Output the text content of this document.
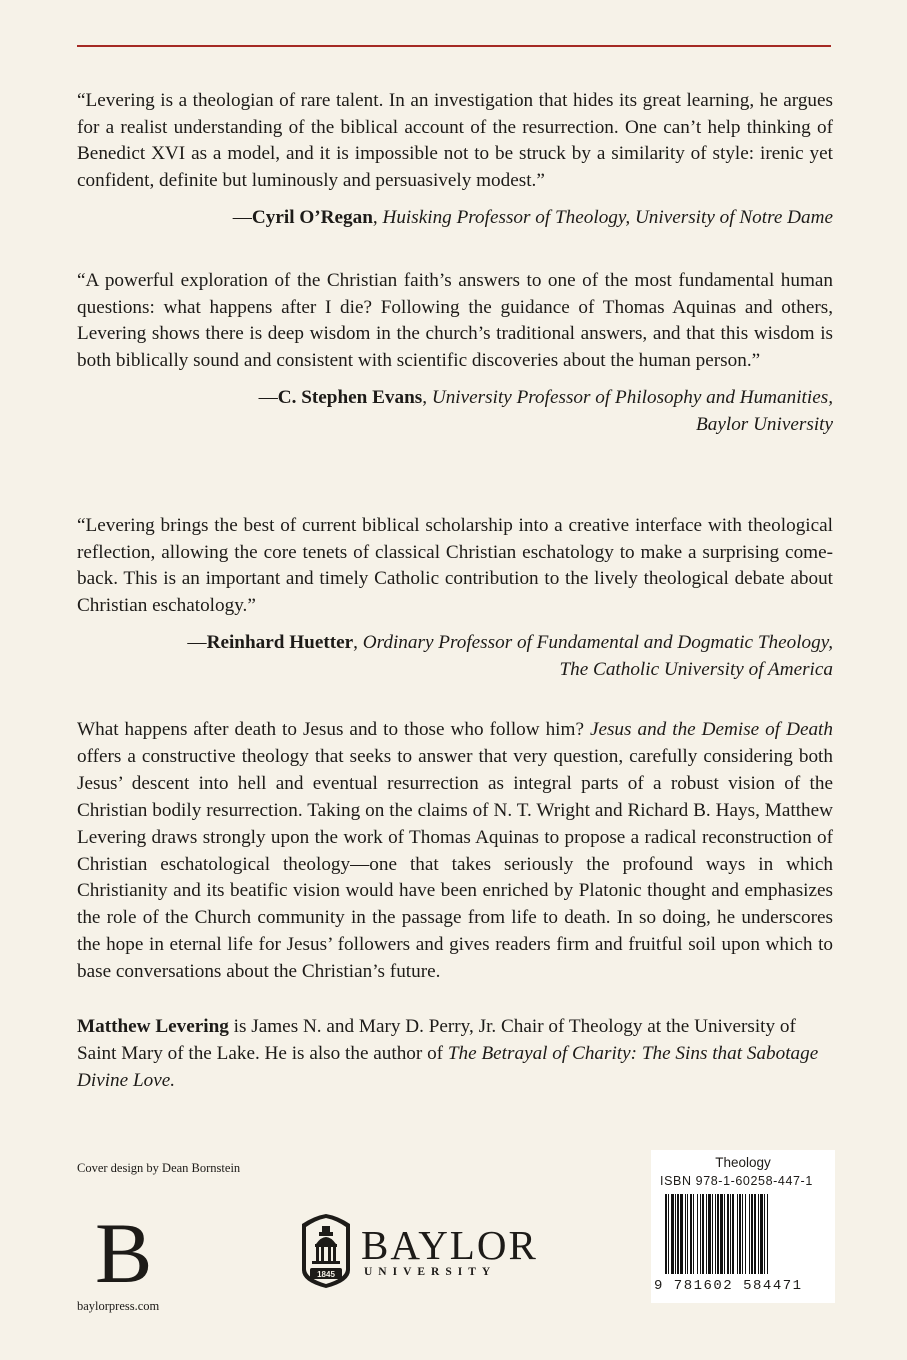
“Levering is a theologian of rare talent. In an investigation that hides its great learning, he argues for a realist understanding of the biblical account of the resurrection. One can’t help thinking of Benedict XVI as a model, and it is impossible not to be struck by a similarity of style: irenic yet confident, definite but luminously and persuasively modest.”

—Cyril O’Regan, Huisking Professor of Theology, University of Notre Dame

“A powerful exploration of the Christian faith’s answers to one of the most fundamental human questions: what happens after I die? Following the guidance of Thomas Aquinas and others, Levering shows there is deep wisdom in the church’s traditional answers, and that this wisdom is both biblically sound and consistent with scientific discoveries about the human person.”

—C. Stephen Evans, University Professor of Philosophy and Humanities,
Baylor University

“Levering brings the best of current biblical scholarship into a creative interface with theological reflection, allowing the core tenets of classical Christian eschatology to make a surprising come-back. This is an important and timely Catholic contribution to the lively theological debate about Christian eschatology.”

—Reinhard Huetter, Ordinary Professor of Fundamental and Dogmatic Theology,
The Catholic University of America

What happens after death to Jesus and to those who follow him? Jesus and the Demise of Death offers a constructive theology that seeks to answer that very question, carefully considering both Jesus’ descent into hell and eventual resurrection as integral parts of a robust vision of the Christian bodily resurrection. Taking on the claims of N. T. Wright and Richard B. Hays, Matthew Levering draws strongly upon the work of Thomas Aquinas to propose a radical reconstruction of Christian eschatological theology—one that takes seriously the profound ways in which Christianity and its beatific vision would have been enriched by Platonic thought and emphasizes the role of the Church community in the passage from life to death. In so doing, he underscores the hope in eternal life for Jesus’ followers and gives readers firm and fruitful soil upon which to base conversations about the Christian’s future.

Matthew Levering is James N. and Mary D. Perry, Jr. Chair of Theology at the University of Saint Mary of the Lake. He is also the author of The Betrayal of Charity: The Sins that Sabotage Divine Love.

Cover design by Dean Bornstein
B
baylorpress.com
1845
BAYLOR
UNIVERSITY
Theology
ISBN 978-1-60258-447-1
9 781602 584471
